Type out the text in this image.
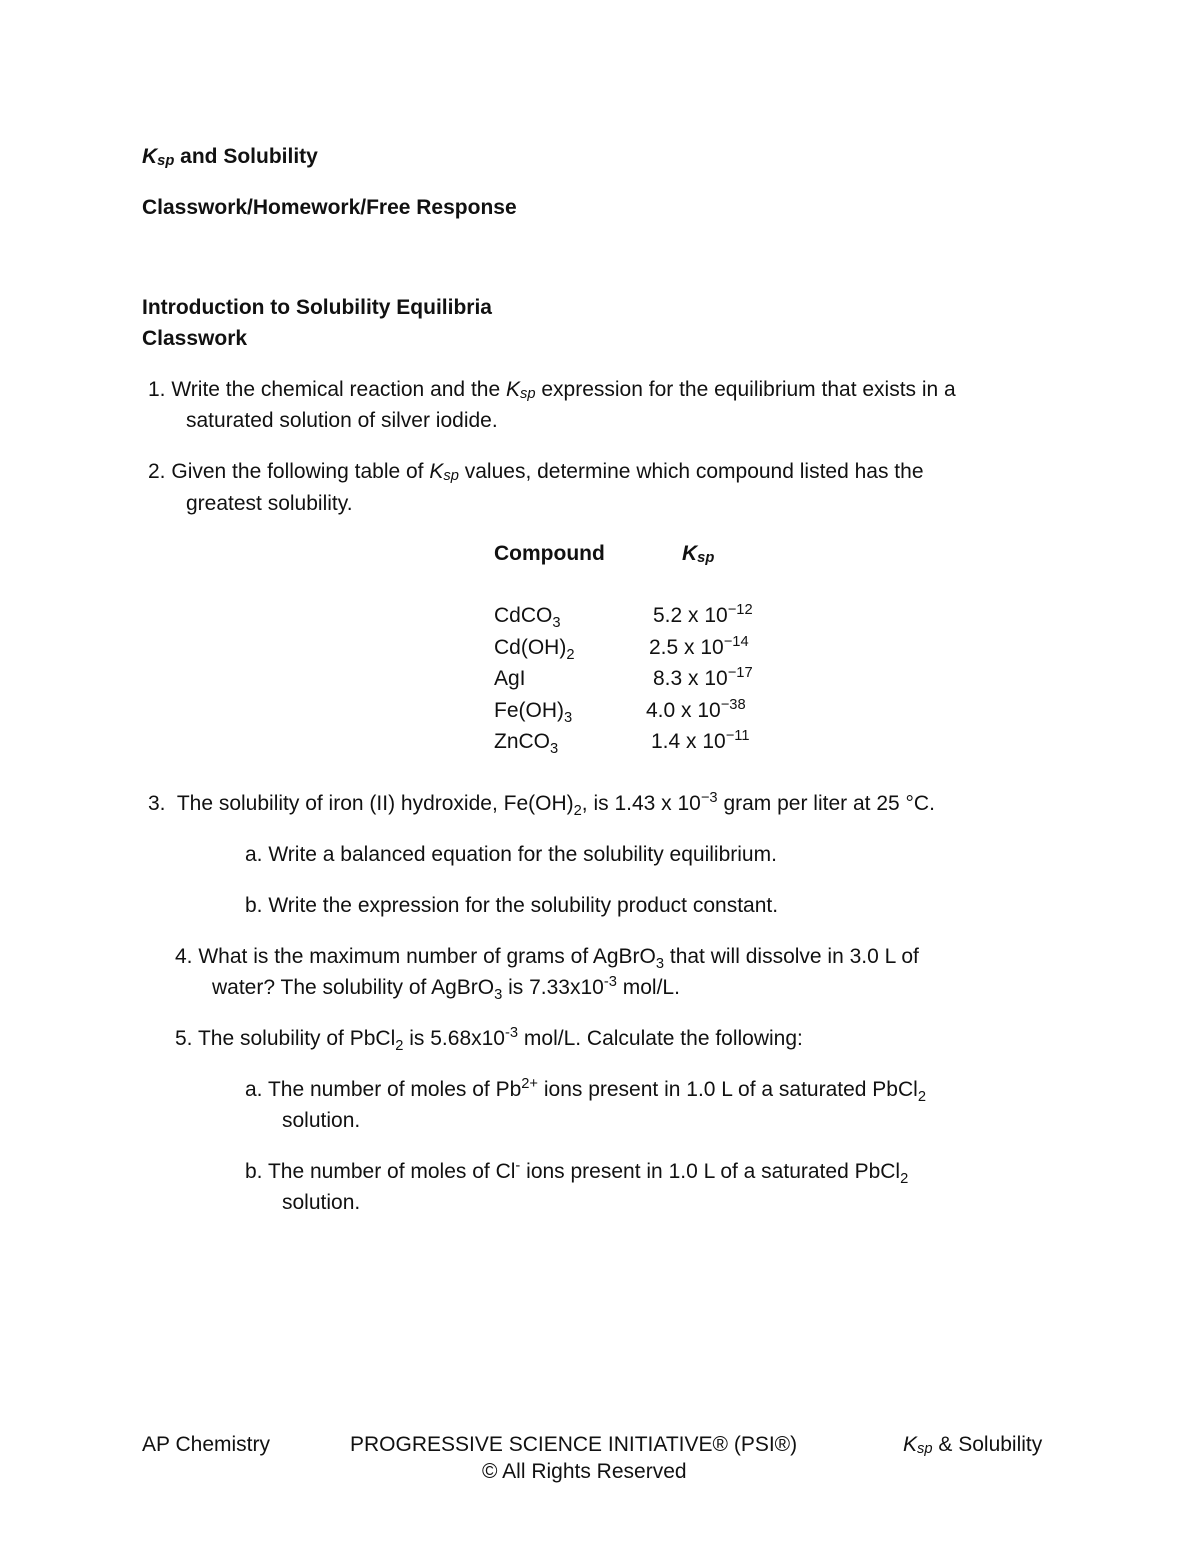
Ksp and Solubility
Classwork/Homework/Free Response
Introduction to Solubility Equilibria
Classwork
1. Write the chemical reaction and the Ksp expression for the equilibrium that exists in a
saturated solution of silver iodide.
2. Given the following table of Ksp values, determine which compound listed has the
greatest solubility.
Compound	Ksp
CdCO$_3$	5.2 x $10^{-12}$
$Cd(OH)_2$	2.5 x $10^{-14}$
AgI	8.3 x $10^{-17}$
$Fe(OH)_3$	4.0 x $10^{-38}$
ZnCO$_3$	1.4 x $10^{-11}$
3. The solubility of iron (II) hydroxide, $Fe(OH)_2$, is 1.43 x $10^{-3}$ gram per liter at 25 °C.
a. Write a balanced equation for the solubility equilibrium.
b. Write the expression for the solubility product constant.
4. What is the maximum number of grams of AgBrO$_3$ that will dissolve in 3.0 L of
water? The solubility of AgBrO$_3$ is $7.33x10^{-3}$ mol/L.
5. The solubility of PbCl$_2$ is $5.68x10^{-3}$ mol/L. Calculate the following:
a. The number of moles of $Pb^{2+}$ ions present in 1.0 L of a saturated PbCl$_2$
solution.
b. The number of moles of Cl- ions present in 1.0 L of a saturated PbCl$_2$
solution.
AP Chemistry	PROGRESSIVE SCIENCE INITIATIVE® (PSI®)	Ksp & Solubility
© All Rights Reserved
